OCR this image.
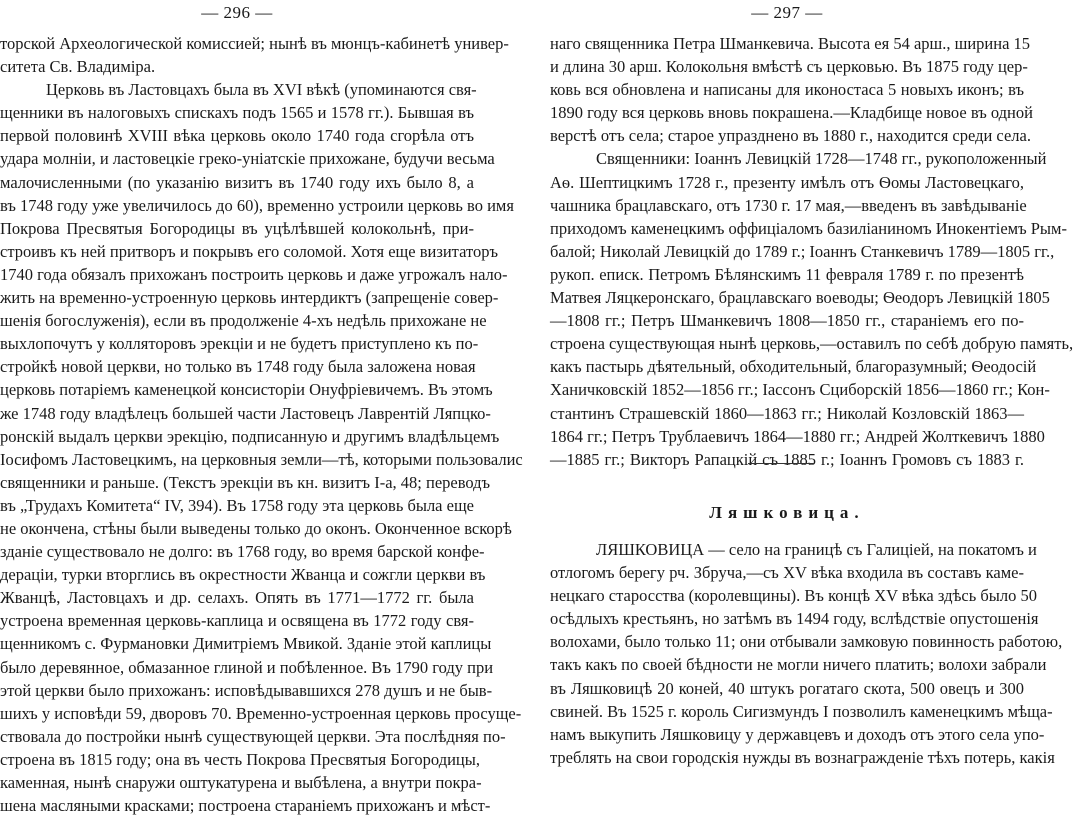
— 296 —
торской Археологической комиссией; нынѣ въ мюнцъ-кабинетѣ универ-
ситета Св. Владиміра.
Церковь въ Ластовцахъ была въ XVI вѣкѣ (упоминаются свя-
щенники въ налоговыхъ спискахъ подъ 1565 и 1578 гг.). Бывшая въ
первой половинѣ XVIII вѣка церковь около 1740 года сгорѣла отъ
удара молніи, и ластовецкіе греко-уніатскіе прихожане, будучи весьма
малочисленными (по указанію визитъ въ 1740 году ихъ было 8, а
въ 1748 году уже увеличилось до 60), временно устроили церковь во имя
Покрова Пресвятыя Богородицы въ уцѣлѣвшей колокольнѣ, при-
строивъ къ ней притворъ и покрывъ его соломой. Хотя еще визитаторъ
1740 года обязалъ прихожанъ построить церковь и даже угрожалъ нало-
жить на временно-устроенную церковь интердиктъ (запрещеніе совер-
шенія богослуженія), если въ продолженіе 4-хъ недѣль прихожане не
выхлопочутъ у колляторовъ эрекціи и не будетъ приступлено къ по-
стройкѣ новой церкви, но только въ 1748 году была заложена новая
церковь потаріемъ каменецкой консисторіи Онуфріевичемъ. Въ этомъ
же 1748 году владѣлецъ большей части Ластовецъ Лаврентій Ляпцко-
ронскій выдалъ церкви эрекцію, подписанную и другимъ владѣльцемъ
Іосифомъ Ластовецкимъ, на церковныя земли—тѣ, которыми пользовалис
священники и раньше. (Текстъ эрекціи въ кн. визитъ I-а, 48; переводъ
въ „Трудахъ Комитета“ IV, 394). Въ 1758 году эта церковь была еще
не окончена, стѣны были выведены только до оконъ. Оконченное вскорѣ
зданіе существовало не долго: въ 1768 году, во время барской конфе-
дераціи, турки вторглись въ окрестности Жванца и сожгли церкви въ
Жванцѣ, Ластовцахъ и др. селахъ. Опять въ 1771—1772 гг. была
устроена временная церковь-каплица и освящена въ 1772 году свя-
щенникомъ с. Фурмановки Димитріемъ Мвикой. Зданіе этой каплицы
было деревянное, обмазанное глиной и побѣленное. Въ 1790 году при
этой церкви было прихожанъ: исповѣдывавшихся 278 душъ и не быв-
шихъ у исповѣди 59, дворовъ 70. Временно-устроенная церковь просуще-
ствовала до постройки нынѣ существующей церкви. Эта послѣдняя по-
строена въ 1815 году; она въ честь Покрова Пресвятыя Богородицы,
каменная, нынѣ снаружи оштукатурена и выбѣлена, а внутри покра-
шена масляными красками; построена старанiемъ прихожанъ и мѣст-
— 297 —
наго священника Петра Шманкевича. Высота ея 54 арш., ширина 15
и длина 30 арш. Колокольня вмѣстѣ съ церковью. Въ 1875 году цер-
ковь вся обновлена и написаны для иконостаса 5 новыхъ иконъ; въ
1890 году вся церковь вновь покрашена.—Кладбище новое въ одной
верстѣ отъ села; старое упразднено въ 1880 г., находится среди села.
Священники: Іоаннъ Левицкій 1728—1748 гг., рукоположенный
Аѳ. Шептицкимъ 1728 г., презенту имѣлъ отъ Ѳомы Ластовецкаго,
чашника брацлавскаго, отъ 1730 г. 17 мая,—введенъ въ завѣдываніе
приходомъ каменецкимъ оффиціаломъ базиліаниномъ Инокентіемъ Рым-
балой; Николай Левицкій до 1789 г.; Іоаннъ Станкевичъ 1789—1805 гг.,
рукоп. епиcк. Петромъ Бѣлянскимъ 11 февраля 1789 г. по презентѣ
Матвея Ляцкеронскаго, брацлавскаго воеводы; Ѳеодоръ Левицкій 1805
—1808 гг.; Петръ Шманкевичъ 1808—1850 гг., стараніемъ его по-
строена существующая нынѣ церковь,—оставилъ по себѣ добрую память,
какъ пастырь дѣятельный, обходительный, благоразумный; Ѳеодосій
Ханичковскій 1852—1856 гг.; Іассонъ Сциборскій 1856—1860 гг.; Кон-
стантинъ Страшевскій 1860—1863 гг.; Николай Козловскій 1863—
1864 гг.; Петръ Трублаевичъ 1864—1880 гг.; Андрей Жолткевичъ 1880
—1885 гг.; Викторъ Рапацкій съ 1885 г.; Іоаннъ Громовъ съ 1883 г.
Ляшковица.
ЛЯШКОВИЦА — село на границѣ съ Галиціей, на покатомъ и
отлогомъ берегу рч. Збруча,—съ XV вѣка входила въ составъ камe-
нецкаго старосства (королевщины). Въ концѣ XV вѣка здѣсь было 50
осѣдлыхъ крестьянъ, но затѣмъ въ 1494 году, вслѣдствіе опустошенія
волохами, было только 11; они отбывали замковую повинность работою,
такъ какъ по своей бѣдности не могли ничего платить; волохи забрали
въ Ляшковицѣ 20 коней, 40 штукъ рогатаго скота, 500 овецъ и 300
свиней. Въ 1525 г. король Сигизмундъ I позволилъ каменецкимъ мѣща-
намъ выкупить Ляшковицу у державцевъ и доходъ отъ этого села упо-
треблять на свои городскія нужды въ вознагражденіе тѣхъ потерь, какія
